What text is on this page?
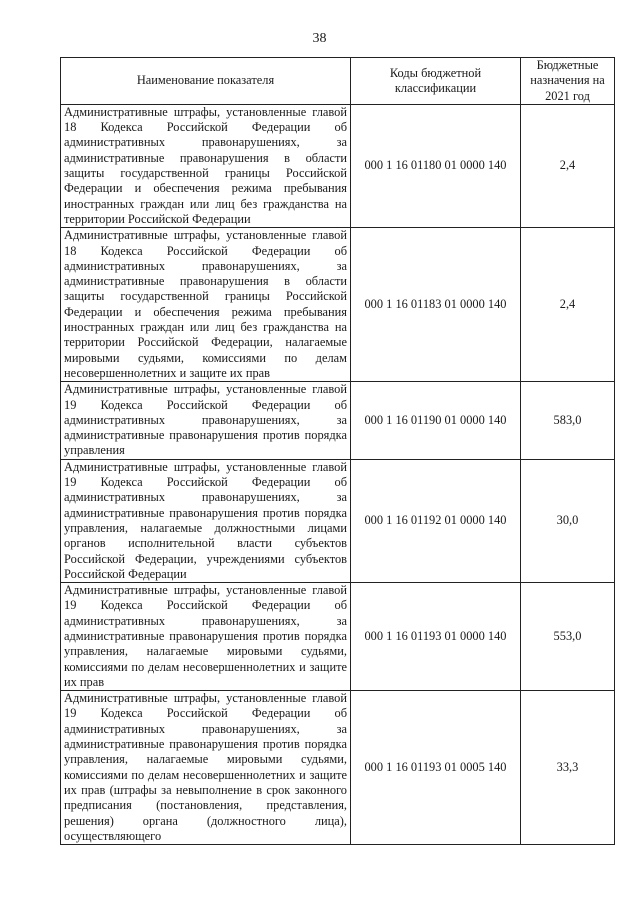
38
Наименование показателя	Коды бюджетной классификации	Бюджетные назначения на 2021 год
Административные штрафы, установленные главой 18 Кодекса Российской Федерации об административных правонарушениях, за административные правонарушения в области защиты государственной границы Российской Федерации и обеспечения режима пребывания иностранных граждан или лиц без гражданства на территории Российской Федерации	000 1 16 01180 01 0000 140	2,4
Административные штрафы, установленные главой 18 Кодекса Российской Федерации об административных правонарушениях, за административные правонарушения в области защиты государственной границы Российской Федерации и обеспечения режима пребывания иностранных граждан или лиц без гражданства на территории Российской Федерации, налагаемые мировыми судьями, комиссиями по делам несовершеннолетних и защите их прав	000 1 16 01183 01 0000 140	2,4
Административные штрафы, установленные главой 19 Кодекса Российской Федерации об административных правонарушениях, за административные правонарушения против порядка управления	000 1 16 01190 01 0000 140	583,0
Административные штрафы, установленные главой 19 Кодекса Российской Федерации об административных правонарушениях, за административные правонарушения против порядка управления, налагаемые должностными лицами органов исполнительной власти субъектов Российской Федерации, учреждениями субъектов Российской Федерации	000 1 16 01192 01 0000 140	30,0
Административные штрафы, установленные главой 19 Кодекса Российской Федерации об административных правонарушениях, за административные правонарушения против порядка управления, налагаемые мировыми судьями, комиссиями по делам несовершеннолетних и защите их прав	000 1 16 01193 01 0000 140	553,0
Административные штрафы, установленные главой 19 Кодекса Российской Федерации об административных правонарушениях, за административные правонарушения против порядка управления, налагаемые мировыми судьями, комиссиями по делам несовершеннолетних и защите их прав (штрафы за невыполнение в срок законного предписания (постановления, представления, решения) органа (должностного лица), осуществляющего	000 1 16 01193 01 0005 140	33,3
